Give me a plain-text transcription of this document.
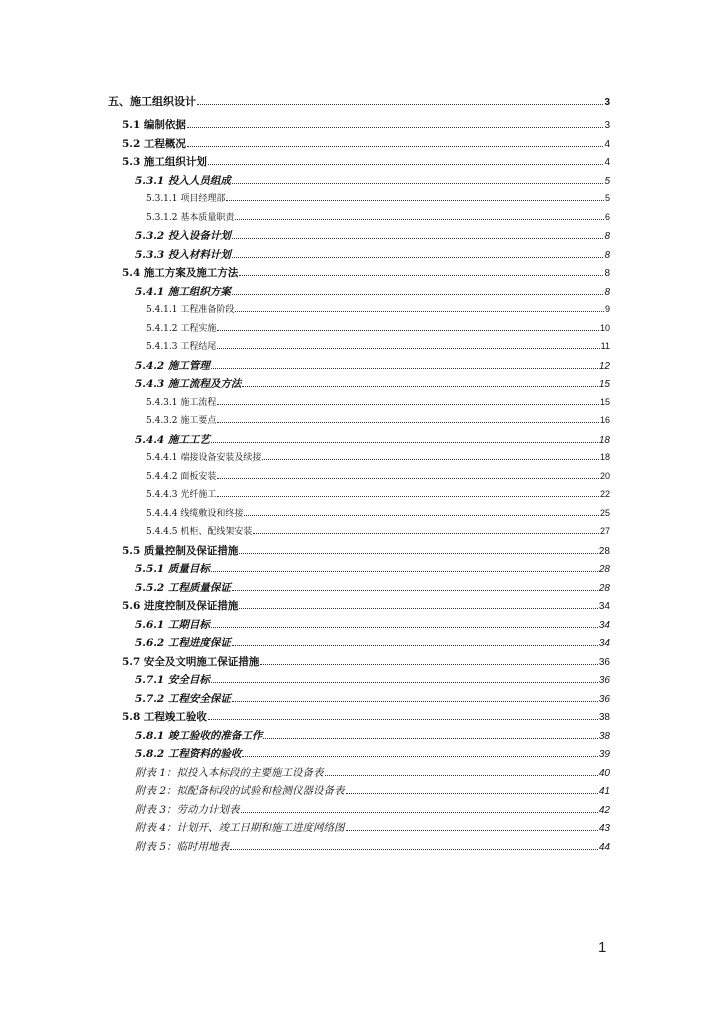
五、施工组织设计	3
5.1 编制依据	3
5.2 工程概况	4
5.3 施工组织计划	4
5.3.1 投入人员组成	5
5.3.1.1 项目经理部	5
5.3.1.2 基本质量职责	6
5.3.2 投入设备计划	8
5.3.3 投入材料计划	8
5.4 施工方案及施工方法	8
5.4.1 施工组织方案	8
5.4.1.1 工程准备阶段	9
5.4.1.2 工程实施	10
5.4.1.3 工程结尾	11
5.4.2 施工管理	12
5.4.3 施工流程及方法	15
5.4.3.1 施工流程	15
5.4.3.2 施工要点	16
5.4.4 施工工艺	18
5.4.4.1 端接设备安装及续接	18
5.4.4.2 面板安装	20
5.4.4.3 光纤施工	22
5.4.4.4 线缆敷设和终接	25
5.4.4.5 机柜、配线架安装	27
5.5 质量控制及保证措施	28
5.5.1 质量目标	28
5.5.2 工程质量保证	28
5.6 进度控制及保证措施	34
5.6.1 工期目标	34
5.6.2 工程进度保证	34
5.7 安全及文明施工保证措施	36
5.7.1 安全目标	36
5.7.2 工程安全保证	36
5.8 工程竣工验收	38
5.8.1 竣工验收的准备工作	38
5.8.2 工程资料的验收	39
附表 1：拟投入本标段的主要施工设备表	40
附表 2：拟配备标段的试验和检测仪器设备表	41
附表 3：劳动力计划表	42
附表 4：计划开、竣工日期和施工进度网络图	43
附表 5：临时用地表	44
1
